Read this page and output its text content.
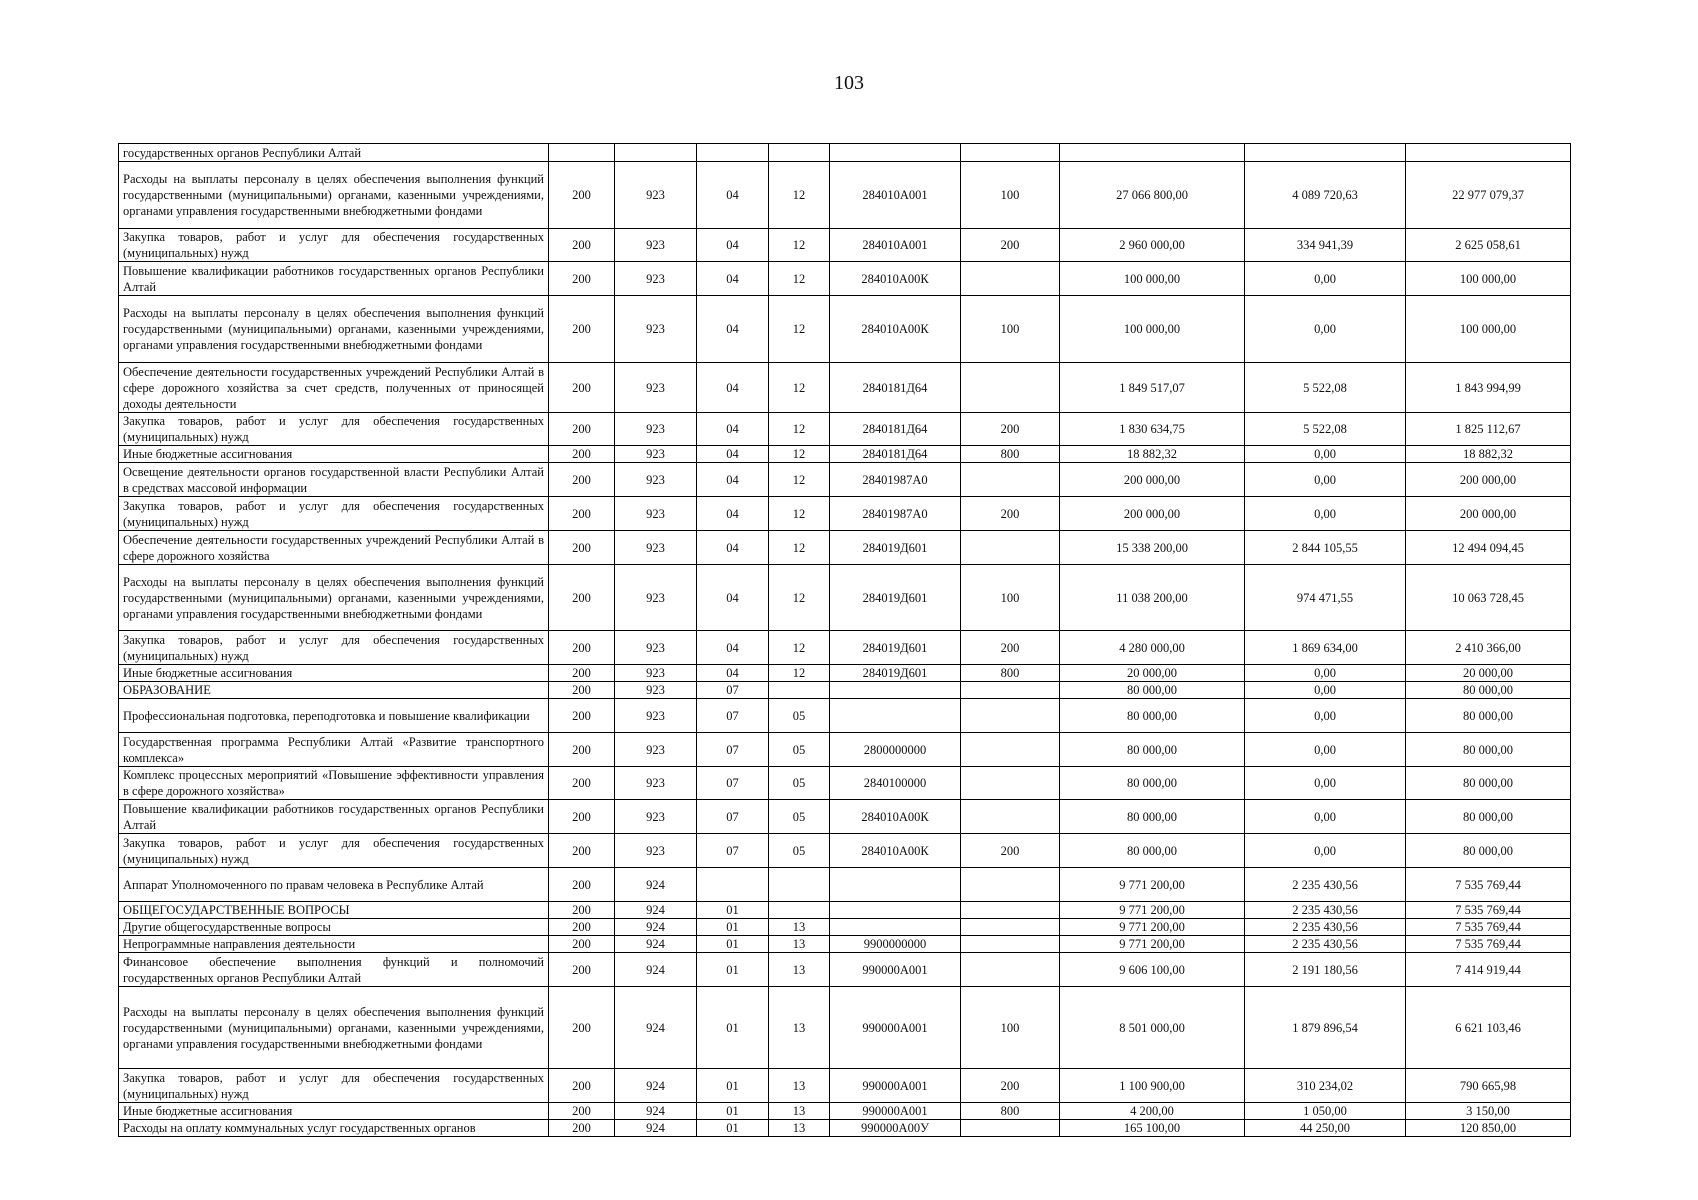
103
государственных органов Республики Алтай									
Расходы на выплаты персоналу в целях обеспечения выполнения функций государственными (муниципальными) органами, казенными учреждениями, органами управления государственными внебюджетными фондами	200	923	04	12	284010А001	100	27 066 800,00	4 089 720,63	22 977 079,37
Закупка товаров, работ и услуг для обеспечения государственных (муниципальных) нужд	200	923	04	12	284010А001	200	2 960 000,00	334 941,39	2 625 058,61
Повышение квалификации работников государственных органов Республики Алтай	200	923	04	12	284010А00К		100 000,00	0,00	100 000,00
Расходы на выплаты персоналу в целях обеспечения выполнения функций государственными (муниципальными) органами, казенными учреждениями, органами управления государственными внебюджетными фондами	200	923	04	12	284010А00К	100	100 000,00	0,00	100 000,00
Обеспечение деятельности государственных учреждений Республики Алтай в сфере дорожного хозяйства за счет средств, полученных от приносящей доходы деятельности	200	923	04	12	2840181Д64		1 849 517,07	5 522,08	1 843 994,99
Закупка товаров, работ и услуг для обеспечения государственных (муниципальных) нужд	200	923	04	12	2840181Д64	200	1 830 634,75	5 522,08	1 825 112,67
Иные бюджетные ассигнования	200	923	04	12	2840181Д64	800	18 882,32	0,00	18 882,32
Освещение деятельности органов государственной власти Республики Алтай в средствах массовой информации	200	923	04	12	28401987А0		200 000,00	0,00	200 000,00
Закупка товаров, работ и услуг для обеспечения государственных (муниципальных) нужд	200	923	04	12	28401987А0	200	200 000,00	0,00	200 000,00
Обеспечение деятельности государственных учреждений Республики Алтай в сфере дорожного хозяйства	200	923	04	12	284019Д601		15 338 200,00	2 844 105,55	12 494 094,45
Расходы на выплаты персоналу в целях обеспечения выполнения функций государственными (муниципальными) органами, казенными учреждениями, органами управления государственными внебюджетными фондами	200	923	04	12	284019Д601	100	11 038 200,00	974 471,55	10 063 728,45
Закупка товаров, работ и услуг для обеспечения государственных (муниципальных) нужд	200	923	04	12	284019Д601	200	4 280 000,00	1 869 634,00	2 410 366,00
Иные бюджетные ассигнования	200	923	04	12	284019Д601	800	20 000,00	0,00	20 000,00
ОБРАЗОВАНИЕ	200	923	07				80 000,00	0,00	80 000,00
Профессиональная подготовка, переподготовка и повышение квалификации	200	923	07	05			80 000,00	0,00	80 000,00
Государственная программа Республики Алтай «Развитие транспортного комплекса»	200	923	07	05	2800000000		80 000,00	0,00	80 000,00
Комплекс процессных мероприятий «Повышение эффективности управления в сфере дорожного хозяйства»	200	923	07	05	2840100000		80 000,00	0,00	80 000,00
Повышение квалификации работников государственных органов Республики Алтай	200	923	07	05	284010А00К		80 000,00	0,00	80 000,00
Закупка товаров, работ и услуг для обеспечения государственных (муниципальных) нужд	200	923	07	05	284010А00К	200	80 000,00	0,00	80 000,00
Аппарат Уполномоченного по правам человека в Республике Алтай	200	924					9 771 200,00	2 235 430,56	7 535 769,44
ОБЩЕГОСУДАРСТВЕННЫЕ ВОПРОСЫ	200	924	01				9 771 200,00	2 235 430,56	7 535 769,44
Другие общегосударственные вопросы	200	924	01	13			9 771 200,00	2 235 430,56	7 535 769,44
Непрограммные направления деятельности	200	924	01	13	9900000000		9 771 200,00	2 235 430,56	7 535 769,44
Финансовое обеспечение выполнения функций и полномочий государственных органов Республики Алтай	200	924	01	13	990000А001		9 606 100,00	2 191 180,56	7 414 919,44
Расходы на выплаты персоналу в целях обеспечения выполнения функций государственными (муниципальными) органами, казенными учреждениями, органами управления государственными внебюджетными фондами	200	924	01	13	990000А001	100	8 501 000,00	1 879 896,54	6 621 103,46
Закупка товаров, работ и услуг для обеспечения государственных (муниципальных) нужд	200	924	01	13	990000А001	200	1 100 900,00	310 234,02	790 665,98
Иные бюджетные ассигнования	200	924	01	13	990000А001	800	4 200,00	1 050,00	3 150,00
Расходы на оплату коммунальных услуг государственных органов	200	924	01	13	990000А00У		165 100,00	44 250,00	120 850,00
